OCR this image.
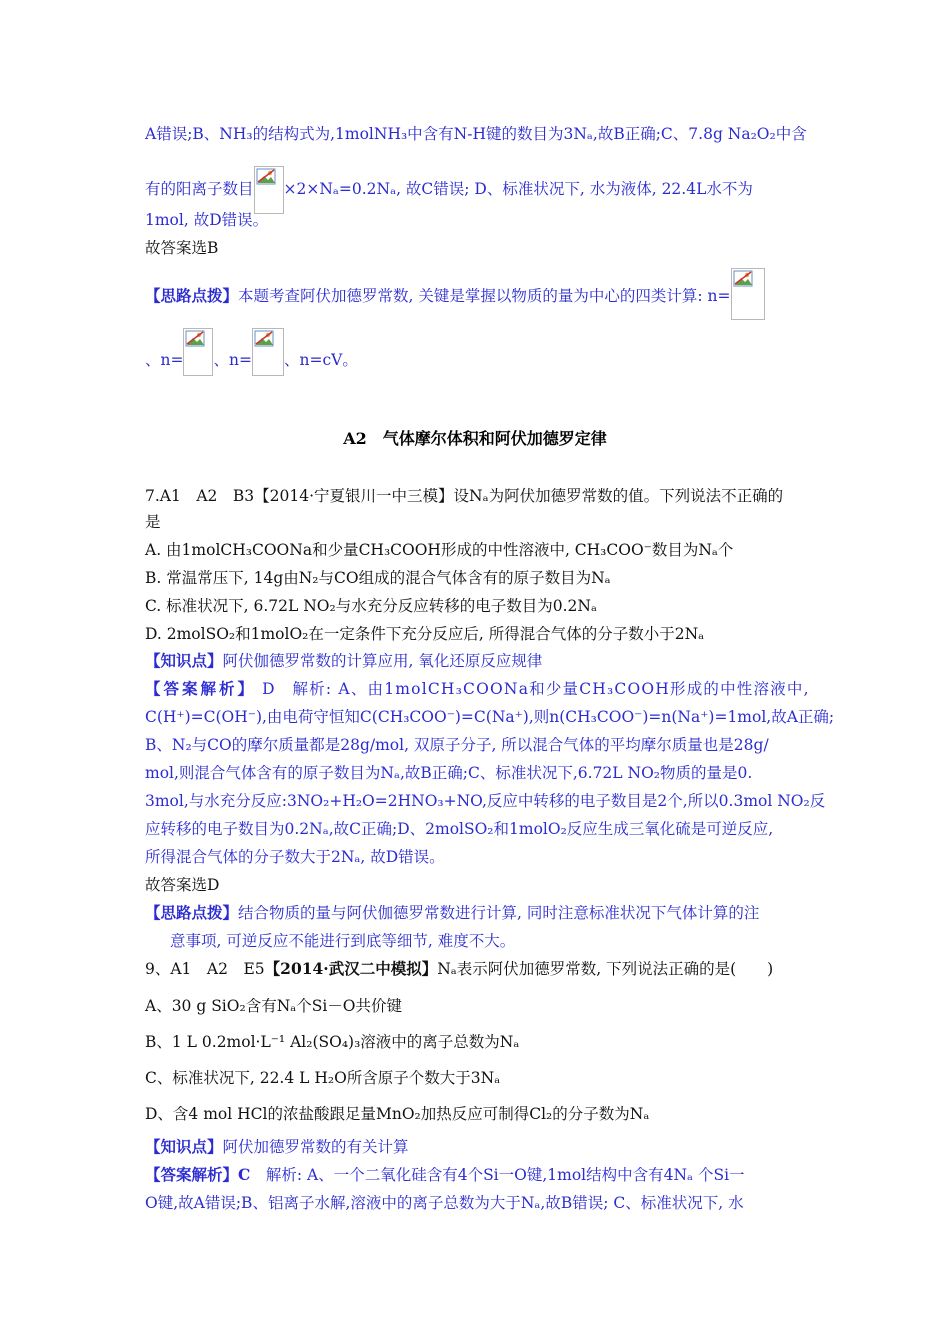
A错误;B、NH₃的结构式为,1molNH₃中含有N-H键的数目为3Nₐ,故B正确;C、7.8g Na₂O₂中含
有的阳离子数目 ×2×Nₐ=0.2Nₐ, 故C错误; D、标准状况下, 水为液体, 22.4L水不为
1mol, 故D错误。
故答案选B
【思路点拨】本题考查阿伏加德罗常数, 关键是掌握以物质的量为中心的四类计算: n=
、n= 、n= 、n=cV。
A2　气体摩尔体积和阿伏加德罗定律
7.A1　A2　B3【2014·宁夏银川一中三模】设Nₐ为阿伏加德罗常数的值。下列说法不正确的
是
A. 由1molCH₃COONa和少量CH₃COOH形成的中性溶液中, CH₃COO⁻数目为Nₐ个
B. 常温常压下, 14g由N₂与CO组成的混合气体含有的原子数目为Nₐ
C. 标准状况下, 6.72L NO₂与水充分反应转移的电子数目为0.2Nₐ
D. 2molSO₂和1molO₂在一定条件下充分反应后, 所得混合气体的分子数小于2Nₐ
【知识点】阿伏伽德罗常数的计算应用, 氧化还原反应规律
【答案解析】 D　解析: A、由1molCH₃COONa和少量CH₃COOH形成的中性溶液中,
C(H⁺)=C(OH⁻),由电荷守恒知C(CH₃COO⁻)=C(Na⁺),则n(CH₃COO⁻)=n(Na⁺)=1mol,故A正确;
B、N₂与CO的摩尔质量都是28g/mol, 双原子分子, 所以混合气体的平均摩尔质量也是28g/
mol,则混合气体含有的原子数目为Nₐ,故B正确;C、标准状况下,6.72L NO₂物质的量是0.
3mol,与水充分反应:3NO₂+H₂O=2HNO₃+NO,反应中转移的电子数目是2个,所以0.3mol NO₂反
应转移的电子数目为0.2Nₐ,故C正确;D、2molSO₂和1molO₂反应生成三氧化硫是可逆反应,
所得混合气体的分子数大于2Nₐ, 故D错误。
故答案选D
【思路点拨】结合物质的量与阿伏伽德罗常数进行计算, 同时注意标准状况下气体计算的注
意事项, 可逆反应不能进行到底等细节, 难度不大。
9、A1　A2　E5【2014·武汉二中模拟】Nₐ表示阿伏加德罗常数, 下列说法正确的是(　　)
A、30 g SiO₂含有Nₐ个Si－O共价键
B、1 L 0.2mol·L⁻¹ Al₂(SO₄)₃溶液中的离子总数为Nₐ
C、标准状况下, 22.4 L H₂O所含原子个数大于3Nₐ
D、含4 mol HCl的浓盐酸跟足量MnO₂加热反应可制得Cl₂的分子数为Nₐ
【知识点】阿伏加德罗常数的有关计算
【答案解析】C　解析: A、一个二氧化硅含有4个Si一O键,1mol结构中含有4Nₐ 个Si一
O键,故A错误;B、铝离子水解,溶液中的离子总数为大于Nₐ,故B错误; C、标准状况下, 水
